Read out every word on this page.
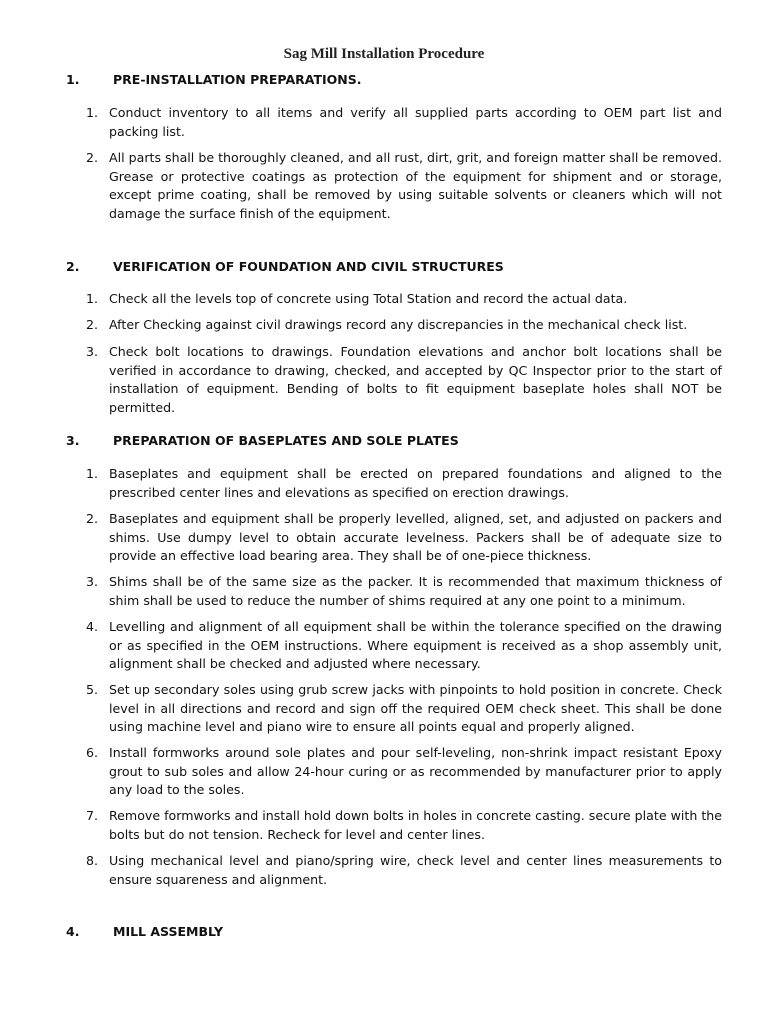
Sag Mill Installation Procedure
1.	PRE-INSTALLATION PREPARATIONS.
1. Conduct inventory to all items and verify all supplied parts according to OEM part list and packing list.
2. All parts shall be thoroughly cleaned, and all rust, dirt, grit, and foreign matter shall be removed. Grease or protective coatings as protection of the equipment for shipment and or storage, except prime coating, shall be removed by using suitable solvents or cleaners which will not damage the surface finish of the equipment.
2.	VERIFICATION OF FOUNDATION AND CIVIL STRUCTURES
1. Check all the levels top of concrete using Total Station and record the actual data.
2. After Checking against civil drawings record any discrepancies in the mechanical check list.
3. Check bolt locations to drawings. Foundation elevations and anchor bolt locations shall be verified in accordance to drawing, checked, and accepted by QC Inspector prior to the start of installation of equipment. Bending of bolts to fit equipment baseplate holes shall NOT be permitted.
3.	PREPARATION OF BASEPLATES AND SOLE PLATES
1. Baseplates and equipment shall be erected on prepared foundations and aligned to the prescribed center lines and elevations as specified on erection drawings.
2. Baseplates and equipment shall be properly levelled, aligned, set, and adjusted on packers and shims. Use dumpy level to obtain accurate levelness. Packers shall be of adequate size to provide an effective load bearing area. They shall be of one-piece thickness.
3. Shims shall be of the same size as the packer. It is recommended that maximum thickness of shim shall be used to reduce the number of shims required at any one point to a minimum.
4. Levelling and alignment of all equipment shall be within the tolerance specified on the drawing or as specified in the OEM instructions. Where equipment is received as a shop assembly unit, alignment shall be checked and adjusted where necessary.
5. Set up secondary soles using grub screw jacks with pinpoints to hold position in concrete. Check level in all directions and record and sign off the required OEM check sheet. This shall be done using machine level and piano wire to ensure all points equal and properly aligned.
6. Install formworks around sole plates and pour self-leveling, non-shrink impact resistant Epoxy grout to sub soles and allow 24-hour curing or as recommended by manufacturer prior to apply any load to the soles.
7. Remove formworks and install hold down bolts in holes in concrete casting. secure plate with the bolts but do not tension. Recheck for level and center lines.
8. Using mechanical level and piano/spring wire, check level and center lines measurements to ensure squareness and alignment.
4.	MILL ASSEMBLY
